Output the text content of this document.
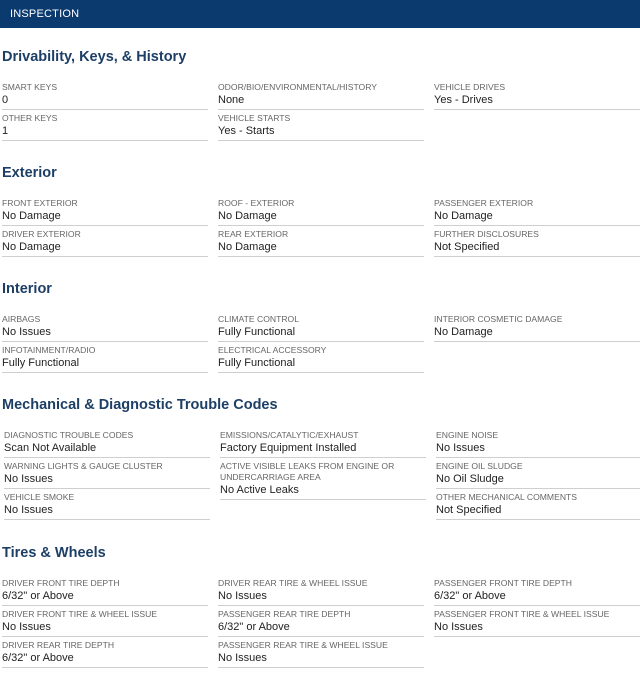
INSPECTION
Drivability, Keys, & History
SMART KEYS
0
ODOR/BIO/ENVIRONMENTAL/HISTORY
None
VEHICLE DRIVES
Yes - Drives
OTHER KEYS
1
VEHICLE STARTS
Yes - Starts
Exterior
FRONT EXTERIOR
No Damage
ROOF - EXTERIOR
No Damage
PASSENGER EXTERIOR
No Damage
DRIVER EXTERIOR
No Damage
REAR EXTERIOR
No Damage
FURTHER DISCLOSURES
Not Specified
Interior
AIRBAGS
No Issues
CLIMATE CONTROL
Fully Functional
INTERIOR COSMETIC DAMAGE
No Damage
INFOTAINMENT/RADIO
Fully Functional
ELECTRICAL ACCESSORY
Fully Functional
Mechanical & Diagnostic Trouble Codes
DIAGNOSTIC TROUBLE CODES
Scan Not Available
WARNING LIGHTS & GAUGE CLUSTER
No Issues
VEHICLE SMOKE
No Issues
EMISSIONS/CATALYTIC/EXHAUST
Factory Equipment Installed
ACTIVE VISIBLE LEAKS FROM ENGINE OR UNDERCARRIAGE AREA
No Active Leaks
ENGINE NOISE
No Issues
ENGINE OIL SLUDGE
No Oil Sludge
OTHER MECHANICAL COMMENTS
Not Specified
Tires & Wheels
DRIVER FRONT TIRE DEPTH
6/32" or Above
DRIVER REAR TIRE & WHEEL ISSUE
No Issues
PASSENGER FRONT TIRE DEPTH
6/32" or Above
DRIVER FRONT TIRE & WHEEL ISSUE
No Issues
PASSENGER REAR TIRE DEPTH
6/32" or Above
PASSENGER FRONT TIRE & WHEEL ISSUE
No Issues
DRIVER REAR TIRE DEPTH
6/32" or Above
PASSENGER REAR TIRE & WHEEL ISSUE
No Issues
